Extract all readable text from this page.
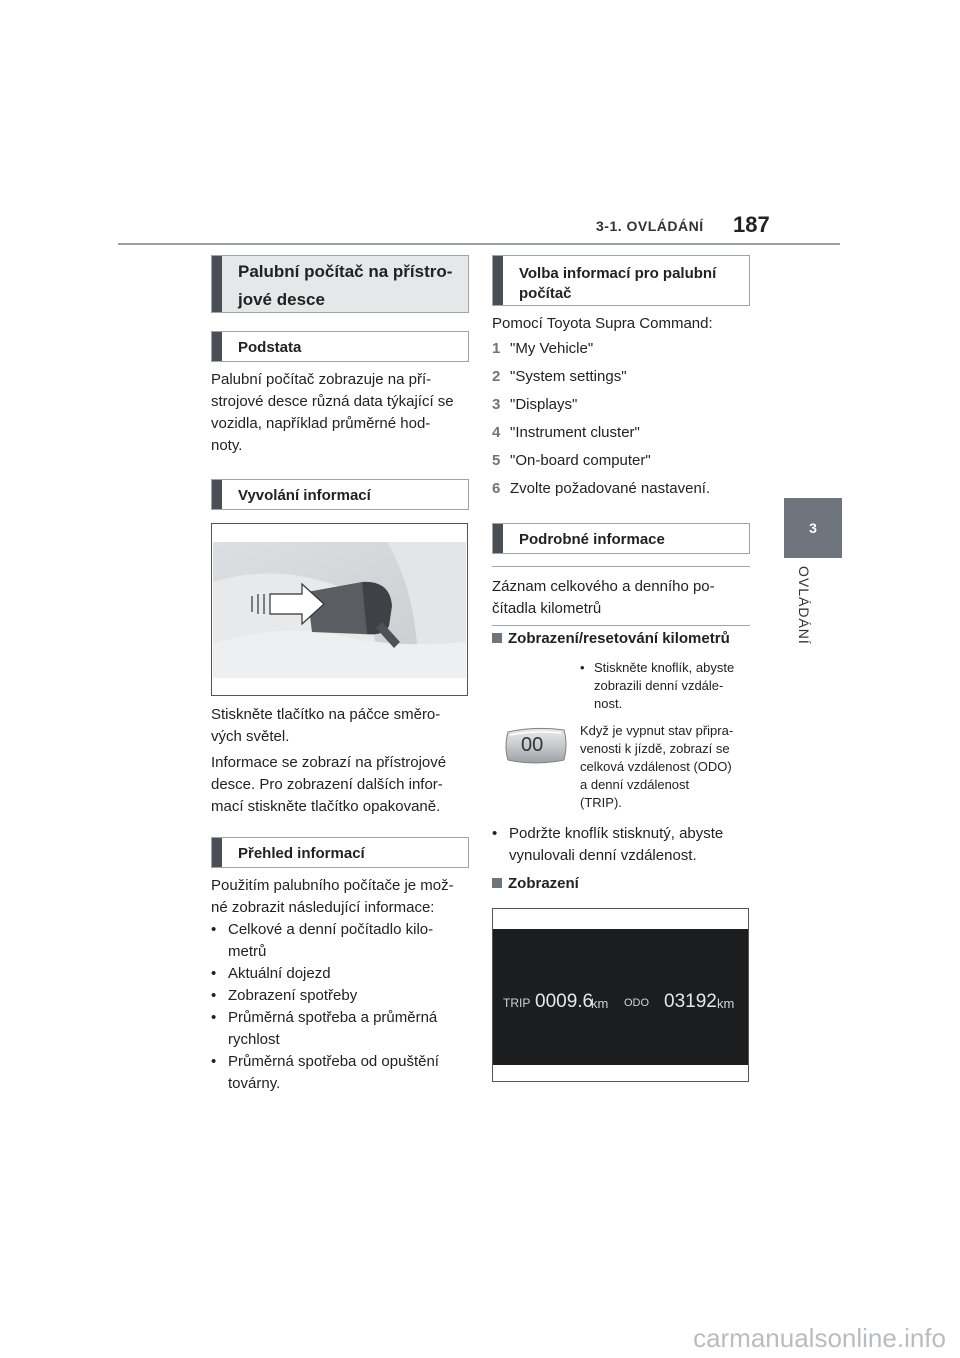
3-1. OVLÁDÁNÍ 187
3
OVLÁDÁNÍ
Palubní počítač na přístro-
jové desce
Podstata
Palubní počítač zobrazuje na pří-
strojové desce různá data týkající se
vozidla, například průměrné hod-
noty.
Vyvolání informací
Stiskněte tlačítko na páčce směro-
vých světel.
Informace se zobrazí na přístrojové
desce. Pro zobrazení dalších infor-
mací stiskněte tlačítko opakovaně.
Přehled informací
Použitím palubního počítače je mož-
né zobrazit následující informace:
• Celkové a denní počítadlo kilo-
metrů
• Aktuální dojezd
• Zobrazení spotřeby
• Průměrná spotřeba a průměrná
rychlost
• Průměrná spotřeba od opuštění
továrny.
Volba informací pro palubní
počítač
Pomocí Toyota Supra Command:
1 "My Vehicle"
2 "System settings"
3 "Displays"
4 "Instrument cluster"
5 "On-board computer"
6 Zvolte požadované nastavení.
Podrobné informace
Záznam celkového a denního po-
čítadla kilometrů
Zobrazení/resetování kilometrů
• Stiskněte knoflík, abyste
zobrazili denní vzdále-
nost.
00
Když je vypnut stav připra-
venosti k jízdě, zobrazí se
celková vzdálenost (ODO)
a denní vzdálenost
(TRIP).
• Podržte knoflík stisknutý, abyste
vynulovali denní vzdálenost.
Zobrazení
TRIP 0009.6
km ODO 03192 km
carmanualsonline.info
